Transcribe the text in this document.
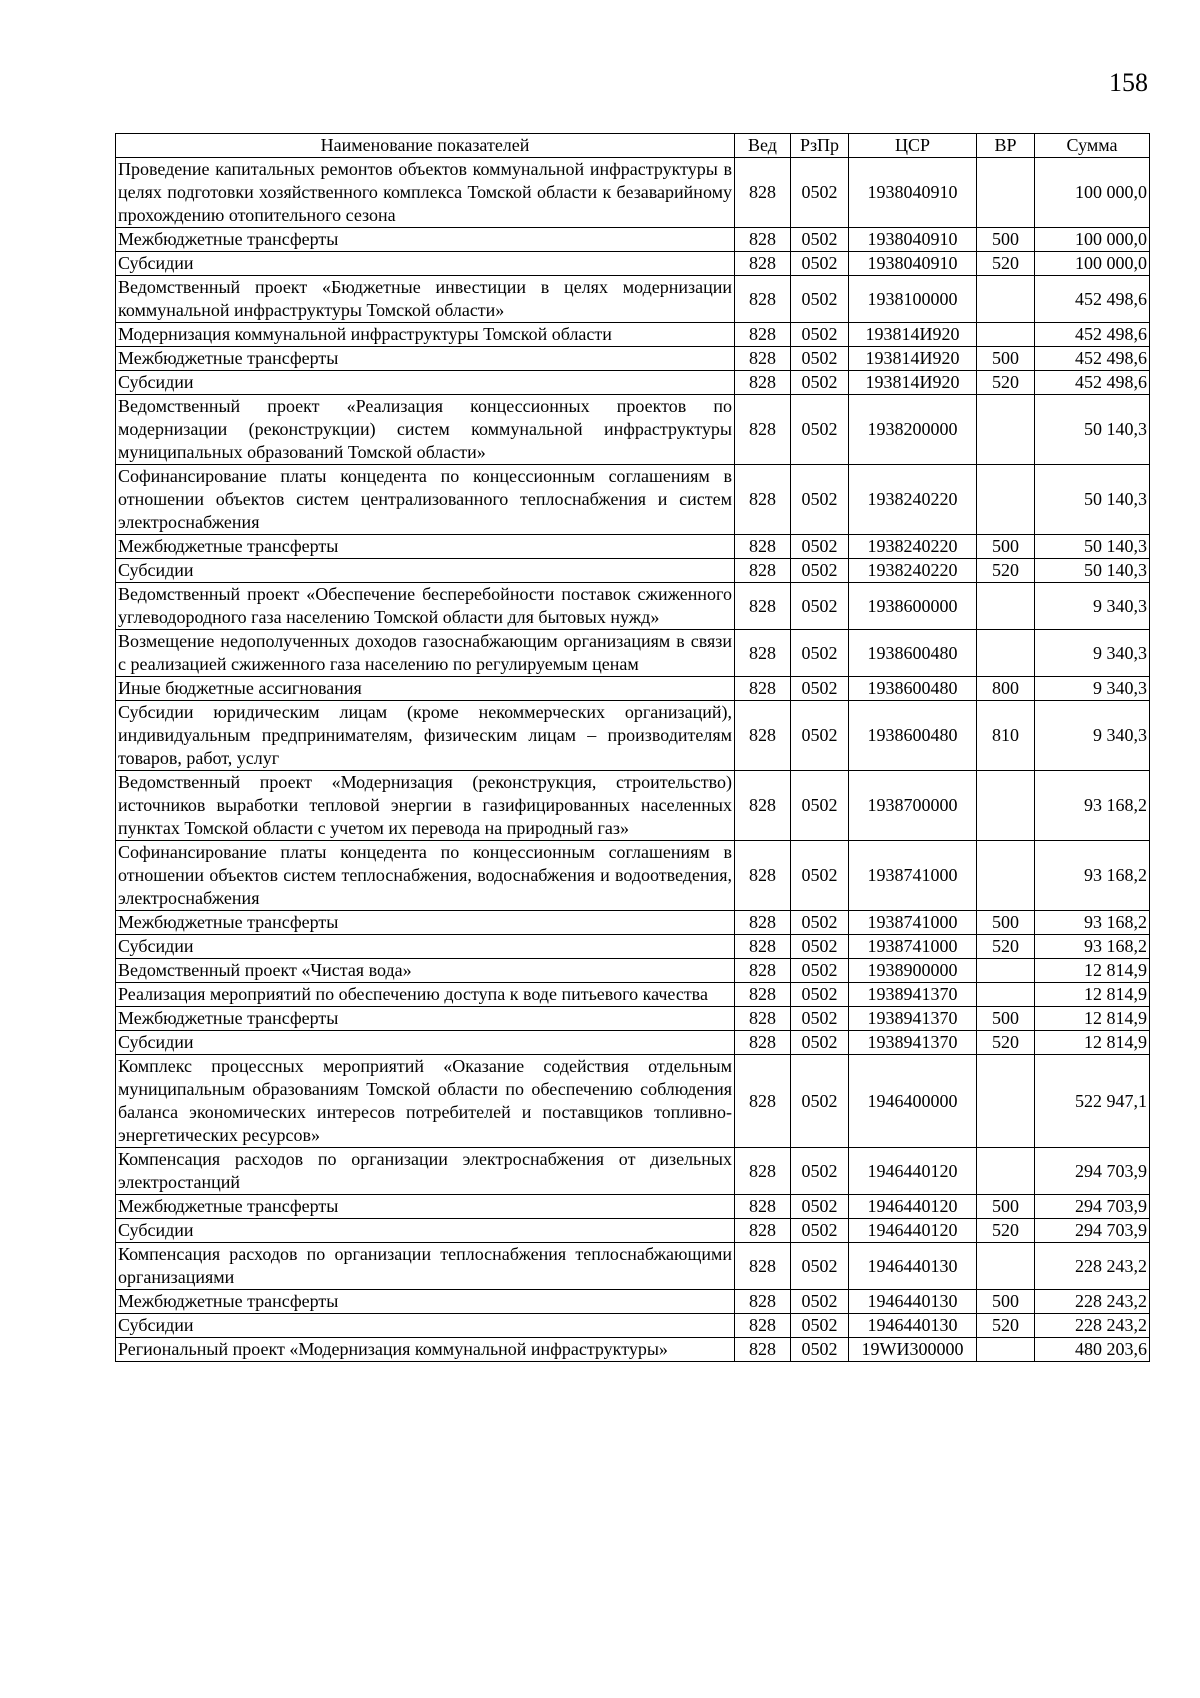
158
Наименование показателей	Вед	РзПр	ЦСР	ВР	Сумма
Проведение капитальных ремонтов объектов коммунальной инфраструктуры в целях подготовки хозяйственного комплекса Томской области к безаварийному прохождению отопительного сезона	828	0502	1938040910		100 000,0
Межбюджетные трансферты	828	0502	1938040910	500	100 000,0
Субсидии	828	0502	1938040910	520	100 000,0
Ведомственный проект «Бюджетные инвестиции в целях модернизации коммунальной инфраструктуры Томской области»	828	0502	1938100000		452 498,6
Модернизация коммунальной инфраструктуры Томской области	828	0502	193814И920		452 498,6
Межбюджетные трансферты	828	0502	193814И920	500	452 498,6
Субсидии	828	0502	193814И920	520	452 498,6
Ведомственный проект «Реализация концессионных проектов по модернизации (реконструкции) систем коммунальной инфраструктуры муниципальных образований Томской области»	828	0502	1938200000		50 140,3
Софинансирование платы концедента по концессионным соглашениям в отношении объектов систем централизованного теплоснабжения и систем электроснабжения	828	0502	1938240220		50 140,3
Межбюджетные трансферты	828	0502	1938240220	500	50 140,3
Субсидии	828	0502	1938240220	520	50 140,3
Ведомственный проект «Обеспечение бесперебойности поставок сжиженного углеводородного газа населению Томской области для бытовых нужд»	828	0502	1938600000		9 340,3
Возмещение недополученных доходов газоснабжающим организациям в связи с реализацией сжиженного газа населению по регулируемым ценам	828	0502	1938600480		9 340,3
Иные бюджетные ассигнования	828	0502	1938600480	800	9 340,3
Субсидии юридическим лицам (кроме некоммерческих организаций), индивидуальным предпринимателям, физическим лицам – производителям товаров, работ, услуг	828	0502	1938600480	810	9 340,3
Ведомственный проект «Модернизация (реконструкция, строительство) источников выработки тепловой энергии в газифицированных населенных пунктах Томской области с учетом их перевода на природный газ»	828	0502	1938700000		93 168,2
Софинансирование платы концедента по концессионным соглашениям в отношении объектов систем теплоснабжения, водоснабжения и водоотведения, электроснабжения	828	0502	1938741000		93 168,2
Межбюджетные трансферты	828	0502	1938741000	500	93 168,2
Субсидии	828	0502	1938741000	520	93 168,2
Ведомственный проект «Чистая вода»	828	0502	1938900000		12 814,9
Реализация мероприятий по обеспечению доступа к воде питьевого качества	828	0502	1938941370		12 814,9
Межбюджетные трансферты	828	0502	1938941370	500	12 814,9
Субсидии	828	0502	1938941370	520	12 814,9
Комплекс процессных мероприятий «Оказание содействия отдельным муниципальным образованиям Томской области по обеспечению соблюдения баланса экономических интересов потребителей и поставщиков топливно-энергетических ресурсов»	828	0502	1946400000		522 947,1
Компенсация расходов по организации электроснабжения от дизельных электростанций	828	0502	1946440120		294 703,9
Межбюджетные трансферты	828	0502	1946440120	500	294 703,9
Субсидии	828	0502	1946440120	520	294 703,9
Компенсация расходов по организации теплоснабжения теплоснабжающими организациями	828	0502	1946440130		228 243,2
Межбюджетные трансферты	828	0502	1946440130	500	228 243,2
Субсидии	828	0502	1946440130	520	228 243,2
Региональный проект «Модернизация коммунальной инфраструктуры»	828	0502	19WИ300000		480 203,6
